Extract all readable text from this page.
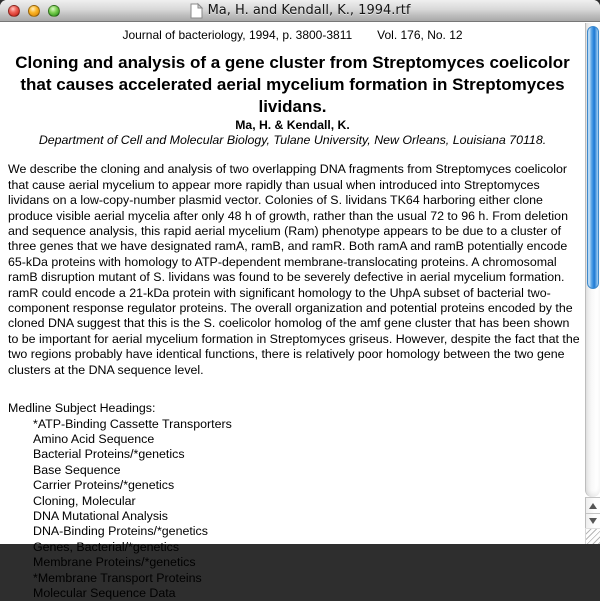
Ma, H. and Kendall, K., 1994.rtf
Journal of bacteriology, 1994, p. 3800-3811 Vol. 176, No. 12
Cloning and analysis of a gene cluster from Streptomyces coelicolor that causes accelerated aerial mycelium formation in Streptomyces lividans.
Ma, H. & Kendall, K.
Department of Cell and Molecular Biology, Tulane University, New Orleans, Louisiana 70118.
We describe the cloning and analysis of two overlapping DNA fragments from Streptomyces coelicolor that cause aerial mycelium to appear more rapidly than usual when introduced into Streptomyces lividans on a low-copy-number plasmid vector. Colonies of S. lividans TK64 harboring either clone produce visible aerial mycelia after only 48 h of growth, rather than the usual 72 to 96 h. From deletion and sequence analysis, this rapid aerial mycelium (Ram) phenotype appears to be due to a cluster of three genes that we have designated ramA, ramB, and ramR. Both ramA and ramB potentially encode 65-kDa proteins with homology to ATP-dependent membrane-translocating proteins. A chromosomal ramB disruption mutant of S. lividans was found to be severely defective in aerial mycelium formation. ramR could encode a 21-kDa protein with significant homology to the UhpA subset of bacterial two-component response regulator proteins. The overall organization and potential proteins encoded by the cloned DNA suggest that this is the S. coelicolor homolog of the amf gene cluster that has been shown to be important for aerial mycelium formation in Streptomyces griseus. However, despite the fact that the two regions probably have identical functions, there is relatively poor homology between the two gene clusters at the DNA sequence level.
Medline Subject Headings:
*ATP-Binding Cassette Transporters
Amino Acid Sequence
Bacterial Proteins/*genetics
Base Sequence
Carrier Proteins/*genetics
Cloning, Molecular
DNA Mutational Analysis
DNA-Binding Proteins/*genetics
Genes, Bacterial/*genetics
Membrane Proteins/*genetics
*Membrane Transport Proteins
Molecular Sequence Data
